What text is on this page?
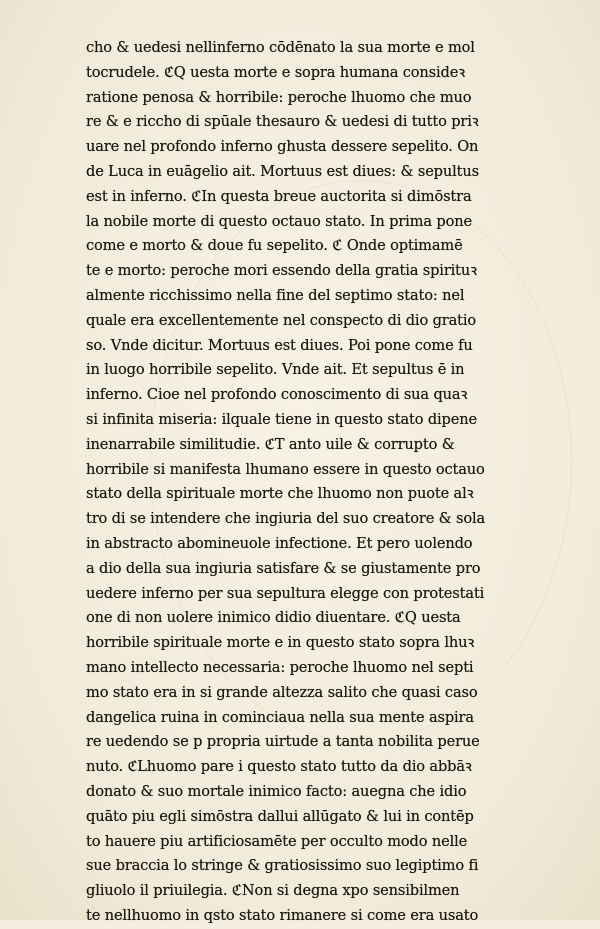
cho & uedesi nellinferno cōdēnato la sua morte e mol
tocrudele. ℭQ uesta morte e sopra humana consideꝛ
ratione penosa & horribile: peroche lhuomo che muo
re & e riccho di spūale thesauro & uedesi di tutto priꝛ
uare nel profondo inferno ghusta dessere sepelito. On
de Luca in euāgelio ait. Mortuus est diues: & sepultus
est in inferno. ℭIn questa breue auctorita si dimōstra
la nobile morte di questo octauo stato. In prima pone
come e morto & doue fu sepelito. ℭ Onde optimamē
te e morto: peroche mori essendo della gratia spirituꝛ
almente ricchissimo nella fine del septimo stato: nel
quale era excellentemente nel conspecto di dio gratio
so. Vnde dicitur. Mortuus est diues. Poi pone come fu
in luogo horribile sepelito. Vnde ait. Et sepultus ē in
inferno. Cioe nel profondo conoscimento di sua quaꝛ
si infinita miseria: ilquale tiene in questo stato dipene
inenarrabile similitudie. ℭT anto uile & corrupto &
horribile si manifesta lhumano essere in questo octauo
stato della spirituale morte che lhuomo non puote alꝛ
tro di se intendere che ingiuria del suo creatore & sola
in abstracto abomineuole infectione. Et pero uolendo
a dio della sua ingiuria satisfare & se giustamente pro
uedere inferno per sua sepultura elegge con protestati
one di non uolere inimico didio diuentare. ℭQ uesta
horribile spirituale morte e in questo stato sopra lhuꝛ
mano intellecto necessaria: peroche lhuomo nel septi
mo stato era in si grande altezza salito che quasi caso
dangelica ruina in cominciaua nella sua mente aspira
re uedendo se p propria uirtude a tanta nobilita perue
nuto. ℭLhuomo pare i questo stato tutto da dio abbāꝛ
donato & suo mortale inimico facto: auegna che idio
quāto piu egli simōstra dallui allūgato & lui in contēp
to hauere piu artificiosamēte per occulto modo nelle
sue braccia lo stringe & gratiosissimo suo legiptimo fi
gliuolo il priuilegia. ℭNon si degna xpo sensibilmen
te nellhuomo in qsto stato rimanere si come era usato
